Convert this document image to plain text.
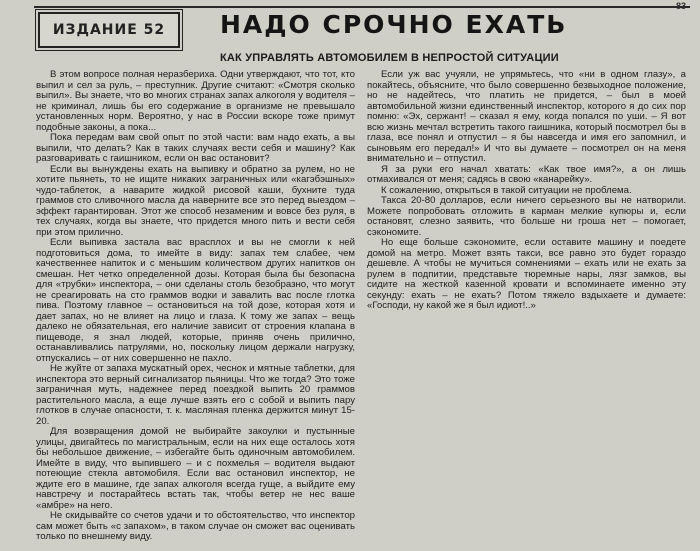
83
ИЗДАНИЕ 52	НАДО СРОЧНО ЕХАТЬ
КАК УПРАВЛЯТЬ АВТОМОБИЛЕМ В НЕПРОСТОЙ СИТУАЦИИ

В этом вопросе полная неразбериха. Одни утверждают, что тот, кто выпил и сел за руль, – преступник. Другие считают: «Смотря сколько выпил». Вы знаете, что во многих странах запах алкоголя у водителя – не криминал, лишь бы его содержание в организме не превышало установленных норм. Вероятно, у нас в России вскоре тоже примут подобные законы, а пока...

Пока передам вам свой опыт по этой части: вам надо ехать, а вы выпили, что делать? Как в таких случаях вести себя и машину? Как разговаривать с гаишником, если он вас остановит?

Если вы вынуждены ехать на выпивку и обратно за рулем, но не хотите пьянеть, то не ищите никаких заграничных или «кагэбэшных» чудо-таблеток, а наварите жидкой рисовой каши, бухните туда граммов сто сливочного масла да наверните все это перед выездом – эффект гарантирован. Этот же способ незаменим и вовсе без руля, в тех случаях, когда вы знаете, что придется много пить и вести себя при этом прилично.

Если выпивка застала вас врасплох и вы не смогли к ней подготовиться дома, то имейте в виду: запах тем слабее, чем качественнее напиток и с меньшим количеством других напитков он смешан. Нет четко определенной дозы. Которая была бы безопасна для «трубки» инспектора, – они сделаны столь безобразно, что могут не среагировать на сто граммов водки и завалить вас после глотка пива. Поэтому главное – остановиться на той дозе, которая хотя и дает запах, но не влияет на лицо и глаза. К тому же запах – вещь далеко не обязательная, его наличие зависит от строения клапана в пищеводе, я знал людей, которые, приняв очень прилично, останавливались патрулями, но, поскольку лицом держали нагрузку, отпускались – от них совершенно не пахло.

Не жуйте от запаха мускатный орех, чеснок и мятные таблетки, для инспектора это верный сигнализатор пьяницы. Что же тогда? Это тоже заграничная муть, надежнее перед поездкой выпить 20 граммов растительного масла, а еще лучше взять его с собой и выпить пару глотков в случае опасности, т. к. масляная пленка держится минут 15-20.

Для возвращения домой не выбирайте закоулки и пустынные улицы, двигайтесь по магистральным, если на них еще осталось хотя бы небольшое движение, – избегайте быть одиночным автомобилем. Имейте в виду, что выпившего – и с похмелья – водителя выдают потеющие стекла автомобиля. Если вас остановил инспектор, не ждите его в машине, где запах алкоголя всегда гуще, а выйдите ему навстречу и постарайтесь встать так, чтобы ветер не нес ваше «амбре» на него.

Не скидывайте со счетов удачи и то обстоятельство, что инспектор сам может быть «с запахом», в таком случае он сможет вас оценивать только по внешнему виду.

Если уж вас учуяли, не упрямьтесь, что «ни в одном глазу», а покайтесь, объясните, что было совершенно безвыходное положение, но не надейтесь, что платить не придется, – был в моей автомобильной жизни единственный инспектор, которого я до сих пор помню: «Эх, сержант! – сказал я ему, когда попался по уши. – Я вот всю жизнь мечтал встретить такого гаишника, который посмотрел бы в глаза, все понял и отпустил – я бы навсегда и имя его запомнил, и сыновьям его передал!» И что вы думаете – посмотрел он на меня внимательно и – отпустил.

Я за руки его начал хватать: «Как твое имя?», а он лишь отмахивался от меня; садясь в свою «канарейку».

К сожалению, открыться в такой ситуации не проблема.

Такса 20-80 долларов, если ничего серьезного вы не натворили. Можете попробовать отложить в карман мелкие купюры и, если остановят, слезно заявить, что больше ни гроша нет – помогает, сэкономите.

Но еще больше сэкономите, если оставите машину и поедете домой на метро. Может взять такси, все равно это будет гораздо дешевле. А чтобы не мучиться сомнениями – ехать или не ехать за рулем в подпитии, представьте тюремные нары, лязг замков, вы сидите на жесткой казенной кровати и вспоминаете именно эту секунду: ехать – не ехать? Потом тяжело вздыхаете и думаете: «Господи, ну какой же я был идиот!..»
